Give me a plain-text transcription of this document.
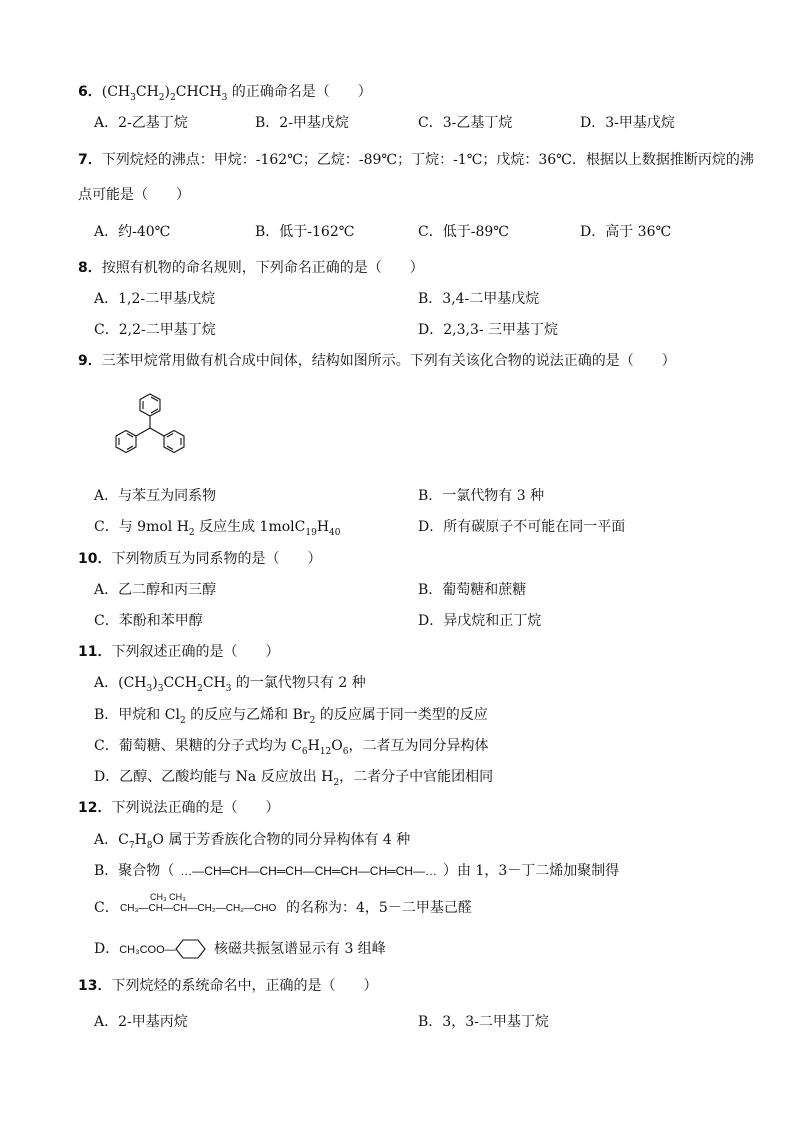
6．$(CH_3CH_2)_2CHCH_3$ 的正确命名是（　　）
A．2-乙基丁烷	B．2-甲基戊烷	C．3-乙基丁烷	D．3-甲基戊烷
7．下列烷烃的沸点：甲烷：-162℃；乙烷：-89℃；丁烷：-1℃；戊烷：36℃．根据以上数据推断丙烷的沸
点可能是（　　）
A．约-40℃	B．低于-162℃	C．低于-89℃	D．高于 36℃
8．按照有机物的命名规则，下列命名正确的是（　　）
A．1,2-二甲基戊烷	B．3,4-二甲基戊烷
C．2,2-二甲基丁烷	D．2,3,3- 三甲基丁烷
9．三苯甲烷常用做有机合成中间体，结构如图所示。下列有关该化合物的说法正确的是（　　）
A．与苯互为同系物	B．一氯代物有 3 种
C．与 9mol $H_2$ 反应生成 $1molC_{19}H_{40}$	D．所有碳原子不可能在同一平面
10．下列物质互为同系物的是（　　）
A．乙二醇和丙三醇	B．葡萄糖和蔗糖
C．苯酚和苯甲醇	D．异戊烷和正丁烷
11．下列叙述正确的是（　　）
A．$(CH_3)_3CCH_2CH_3$ 的一氯代物只有 2 种
B．甲烷和 $Cl_2$ 的反应与乙烯和 $Br_2$ 的反应属于同一类型的反应
C．葡萄糖、果糖的分子式均为 $C_6H_{12}O_6$，二者互为同分异构体
D．乙醇、乙酸均能与 Na 反应放出 $H_2$，二者分子中官能团相同
12．下列说法正确的是（　　）
A．$C_7H_8O$ 属于芳香族化合物的同分异构体有 4 种
B．聚合物（ …—CH═CH—CH═CH—CH═CH—CH═CH—… ）由 1，3－丁二烯加聚制得
C．
CH₃ CH₃
CH₃—CH—CH—CH₂—CH₂—CHO 的名称为：4，5－二甲基己醛
D．CH₃COO—	核磁共振氢谱显示有 3 组峰
13．下列烷烃的系统命名中，正确的是（　　）
A．2-甲基丙烷	B．3，3-二甲基丁烷
